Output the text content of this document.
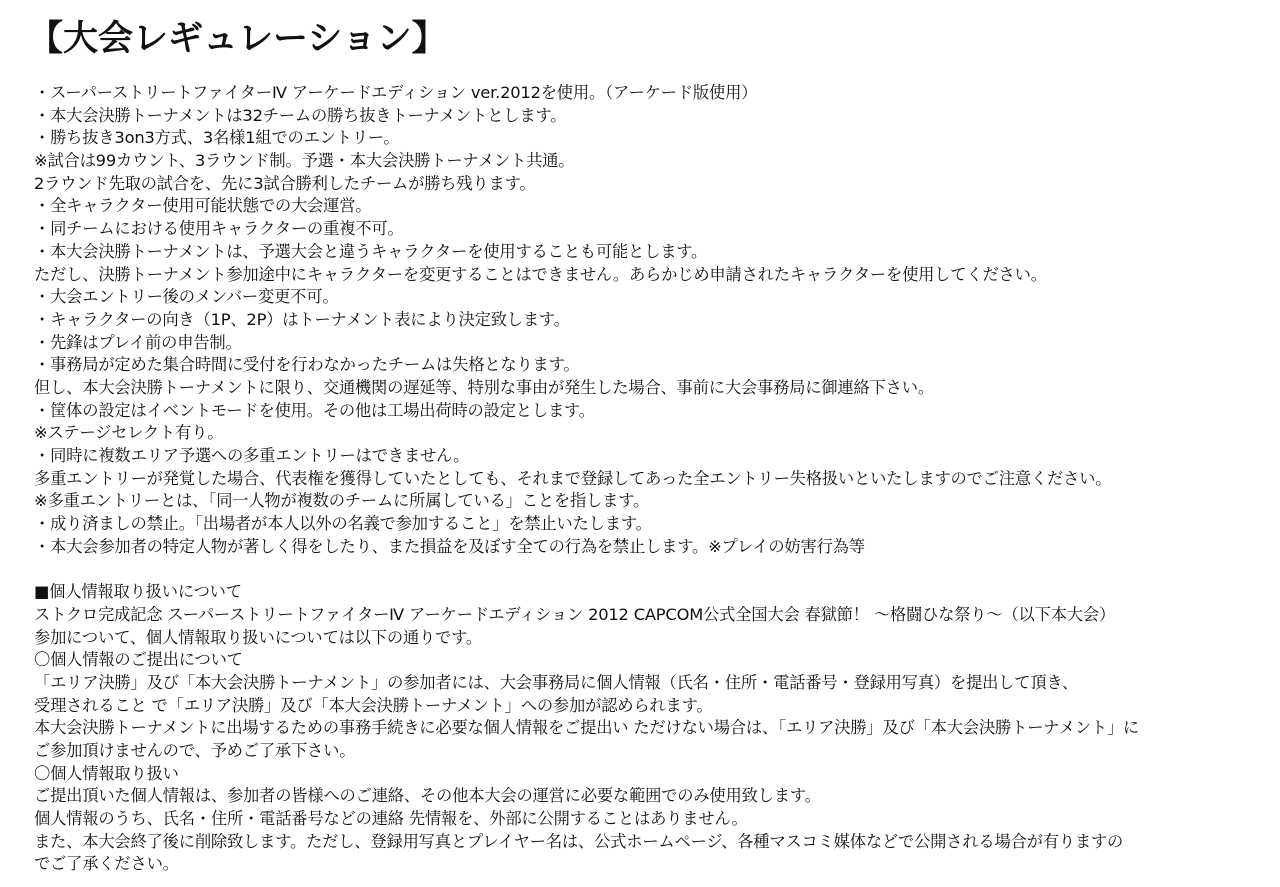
【大会レギュレーション】
・スーパーストリートファイターⅣ アーケードエディション ver.2012を使用。（アーケード版使用）
・本大会決勝トーナメントは32チームの勝ち抜きトーナメントとします。
・勝ち抜き3on3方式、3名様1組でのエントリー。
※試合は99カウント、3ラウンド制。予選・本大会決勝トーナメント共通。
2ラウンド先取の試合を、先に3試合勝利したチームが勝ち残ります。
・全キャラクター使用可能状態での大会運営。
・同チームにおける使用キャラクターの重複不可。
・本大会決勝トーナメントは、予選大会と違うキャラクターを使用することも可能とします。
ただし、決勝トーナメント参加途中にキャラクターを変更することはできません。あらかじめ申請されたキャラクターを使用してください。
・大会エントリー後のメンバー変更不可。
・キャラクターの向き（1P、2P）はトーナメント表により決定致します。
・先鋒はプレイ前の申告制。
・事務局が定めた集合時間に受付を行わなかったチームは失格となります。
但し、本大会決勝トーナメントに限り、交通機関の遅延等、特別な事由が発生した場合、事前に大会事務局に御連絡下さい。
・筐体の設定はイベントモードを使用。その他は工場出荷時の設定とします。
※ステージセレクト有り。
・同時に複数エリア予選への多重エントリーはできません。
多重エントリーが発覚した場合、代表権を獲得していたとしても、それまで登録してあった全エントリー失格扱いといたしますのでご注意ください。
※多重エントリーとは、「同一人物が複数のチームに所属している」ことを指します。
・成り済ましの禁止。「出場者が本人以外の名義で参加すること」を禁止いたします。
・本大会参加者の特定人物が著しく得をしたり、また損益を及ぼす全ての行為を禁止します。※プレイの妨害行為等
■個人情報取り扱いについて
ストクロ完成記念 スーパーストリートファイターⅣ アーケードエディション 2012 CAPCOM公式全国大会 春獄節！ ～格闘ひな祭り～（以下本大会）
参加について、個人情報取り扱いについては以下の通りです。
〇個人情報のご提出について
「エリア決勝」及び「本大会決勝トーナメント」の参加者には、大会事務局に個人情報（氏名・住所・電話番号・登録用写真）を提出して頂き、
受理されること で「エリア決勝」及び「本大会決勝トーナメント」への参加が認められます。
本大会決勝トーナメントに出場するための事務手続きに必要な個人情報をご提出い ただけない場合は、「エリア決勝」及び「本大会決勝トーナメント」に
ご参加頂けませんので、予めご了承下さい。
〇個人情報取り扱い
ご提出頂いた個人情報は、参加者の皆様へのご連絡、その他本大会の運営に必要な範囲でのみ使用致します。
個人情報のうち、氏名・住所・電話番号などの連絡 先情報を、外部に公開することはありません。
また、本大会終了後に削除致します。ただし、登録用写真とプレイヤー名は、公式ホームページ、各種マスコミ媒体などで公開される場合が有りますの
でご了承ください。
